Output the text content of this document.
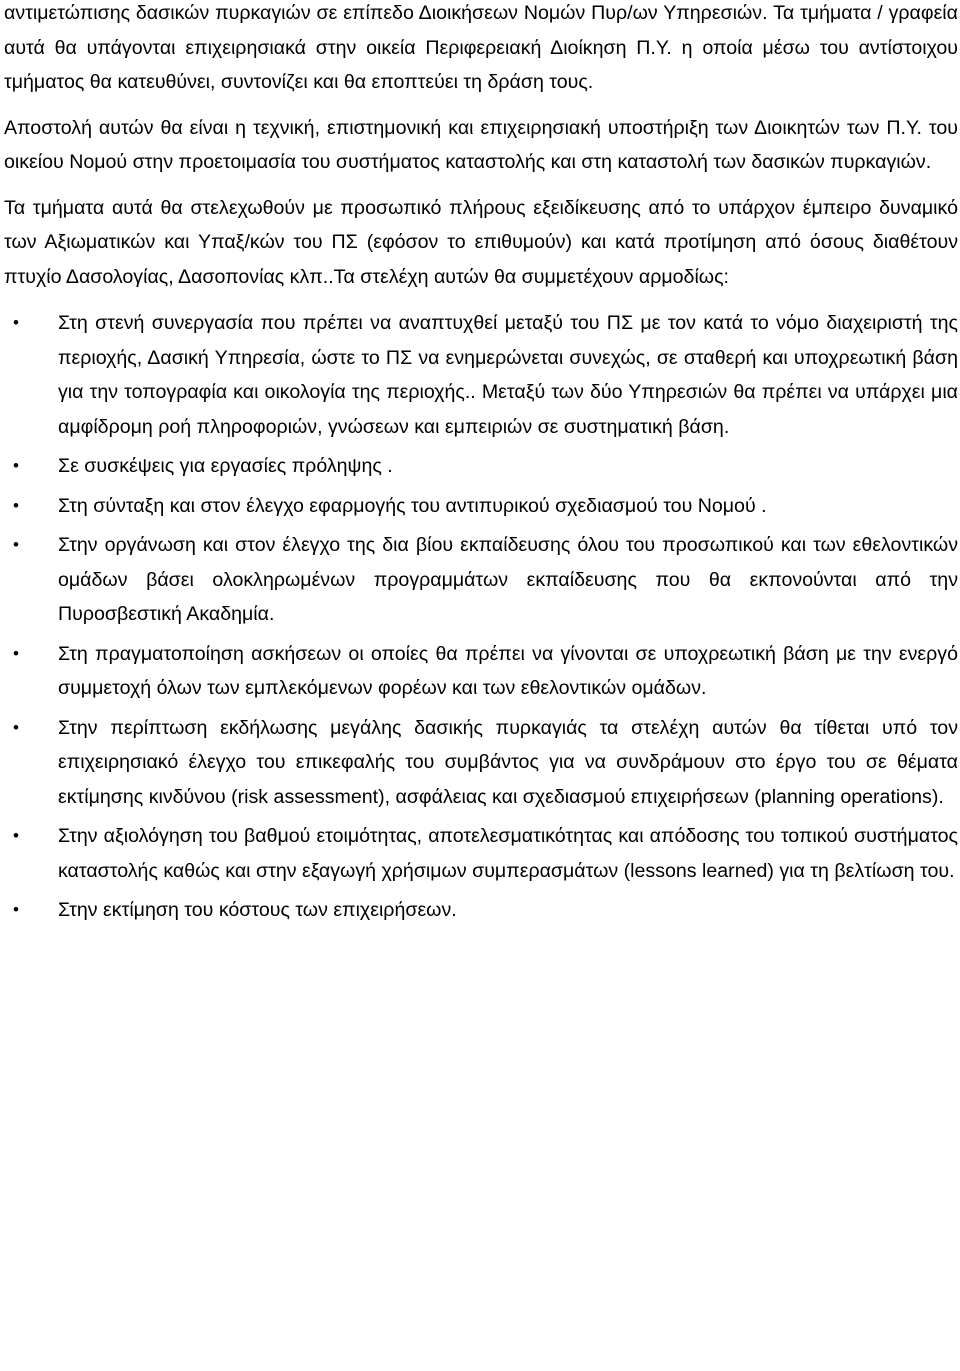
αντιμετώπισης δασικών πυρκαγιών σε επίπεδο Διοικήσεων Νομών Πυρ/ων Υπηρεσιών. Τα τμήματα / γραφεία αυτά θα υπάγονται επιχειρησιακά στην οικεία Περιφερειακή Διοίκηση Π.Υ. η οποία μέσω του αντίστοιχου τμήματος θα κατευθύνει, συντονίζει και θα εποπτεύει τη δράση τους.

Αποστολή αυτών θα είναι η τεχνική, επιστημονική και επιχειρησιακή υποστήριξη των Διοικητών των Π.Υ. του οικείου Νομού στην προετοιμασία του συστήματος καταστολής και στη καταστολή των δασικών πυρκαγιών.

Τα τμήματα αυτά θα στελεχωθούν με προσωπικό πλήρους εξειδίκευσης από το υπάρχον έμπειρο δυναμικό των Αξιωματικών και Υπαξ/κών του ΠΣ (εφόσον το επιθυμούν) και κατά προτίμηση από όσους διαθέτουν πτυχίο Δασολογίας, Δασοπονίας κλπ..Τα στελέχη αυτών θα συμμετέχουν αρμοδίως:

•	Στη στενή συνεργασία που πρέπει να αναπτυχθεί μεταξύ του ΠΣ με τον κατά το νόμο διαχειριστή της περιοχής, Δασική Υπηρεσία, ώστε το ΠΣ να ενημερώνεται συνεχώς, σε σταθερή και υποχρεωτική βάση για την τοπογραφία και οικολογία της περιοχής.. Μεταξύ των δύο Υπηρεσιών θα πρέπει να υπάρχει μια αμφίδρομη ροή πληροφοριών, γνώσεων και εμπειριών σε συστηματική βάση.
•	Σε συσκέψεις για εργασίες πρόληψης .
•	Στη σύνταξη και στον έλεγχο εφαρμογής του αντιπυρικού σχεδιασμού του Νομού .
•	Στην οργάνωση και στον έλεγχο της δια βίου εκπαίδευσης όλου του προσωπικού και των εθελοντικών ομάδων βάσει ολοκληρωμένων προγραμμάτων εκπαίδευσης που θα εκπονούνται από την Πυροσβεστική Ακαδημία.
•	Στη πραγματοποίηση ασκήσεων οι οποίες θα πρέπει να γίνονται σε υποχρεωτική βάση με την ενεργό συμμετοχή όλων των εμπλεκόμενων φορέων και των εθελοντικών ομάδων.
•	Στην περίπτωση εκδήλωσης μεγάλης δασικής πυρκαγιάς τα στελέχη αυτών θα τίθεται υπό τον επιχειρησιακό έλεγχο του επικεφαλής του συμβάντος για να συνδράμουν στο έργο του σε θέματα εκτίμησης κινδύνου (risk assessment), ασφάλειας και σχεδιασμού επιχειρήσεων (planning operations).
•	Στην αξιολόγηση του βαθμού ετοιμότητας, αποτελεσματικότητας και απόδοσης του τοπικού συστήματος καταστολής καθώς και στην εξαγωγή χρήσιμων συμπερασμάτων (lessons learned) για τη βελτίωση του.
•	Στην εκτίμηση του κόστους των επιχειρήσεων.
